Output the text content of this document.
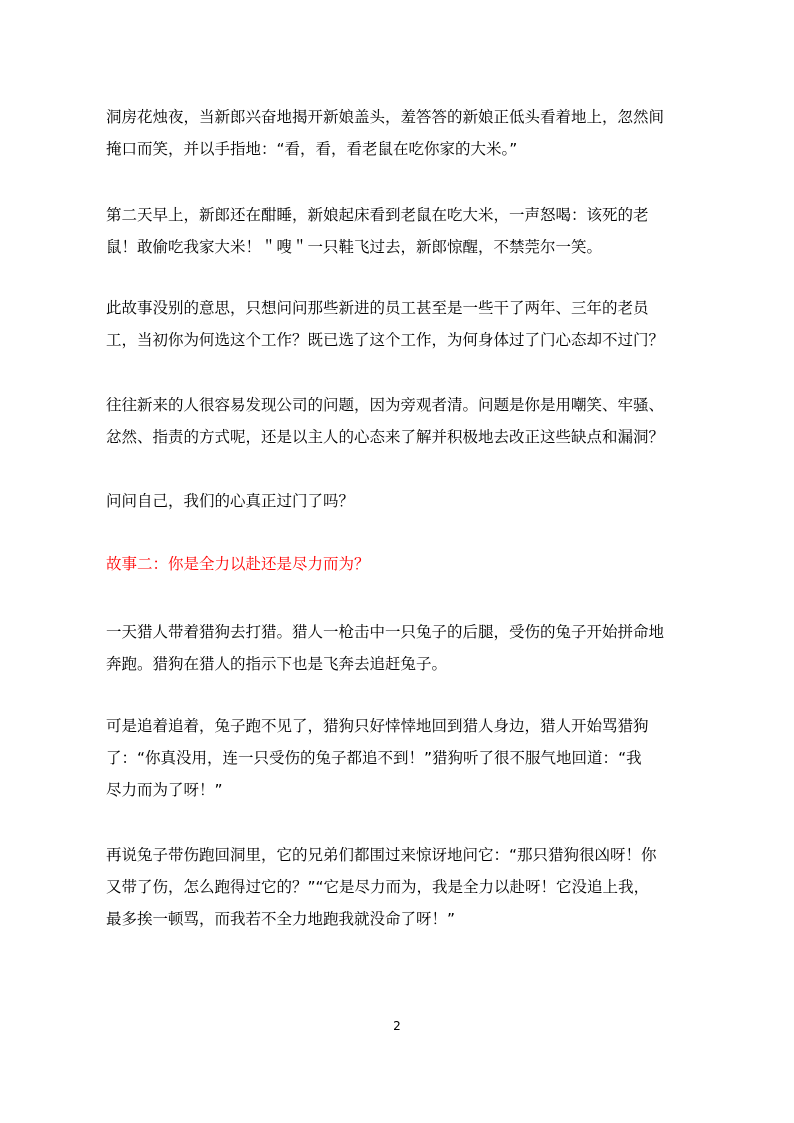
洞房花烛夜，当新郎兴奋地揭开新娘盖头，羞答答的新娘正低头看着地上，忽然间
掩口而笑，并以手指地：“看，看，看老鼠在吃你家的大米。”

第二天早上，新郎还在酣睡，新娘起床看到老鼠在吃大米，一声怒喝：该死的老
鼠！敢偷吃我家大米！＂嗖＂一只鞋飞过去，新郎惊醒，不禁莞尔一笑。

此故事没别的意思，只想问问那些新进的员工甚至是一些干了两年、三年的老员
工，当初你为何选这个工作？既已选了这个工作，为何身体过了门心态却不过门？

往往新来的人很容易发现公司的问题，因为旁观者清。问题是你是用嘲笑、牢骚、
忿然、指责的方式呢，还是以主人的心态来了解并积极地去改正这些缺点和漏洞？

问问自己，我们的心真正过门了吗？

故事二：你是全力以赴还是尽力而为？

一天猎人带着猎狗去打猎。猎人一枪击中一只兔子的后腿，受伤的兔子开始拼命地
奔跑。猎狗在猎人的指示下也是飞奔去追赶兔子。

可是追着追着，兔子跑不见了，猎狗只好悻悻地回到猎人身边，猎人开始骂猎狗
了：“你真没用，连一只受伤的兔子都追不到！”猎狗听了很不服气地回道：“我
尽力而为了呀！”

再说兔子带伤跑回洞里，它的兄弟们都围过来惊讶地问它：“那只猎狗很凶呀！你
又带了伤，怎么跑得过它的？”“它是尽力而为，我是全力以赴呀！它没追上我，
最多挨一顿骂，而我若不全力地跑我就没命了呀！”

2
